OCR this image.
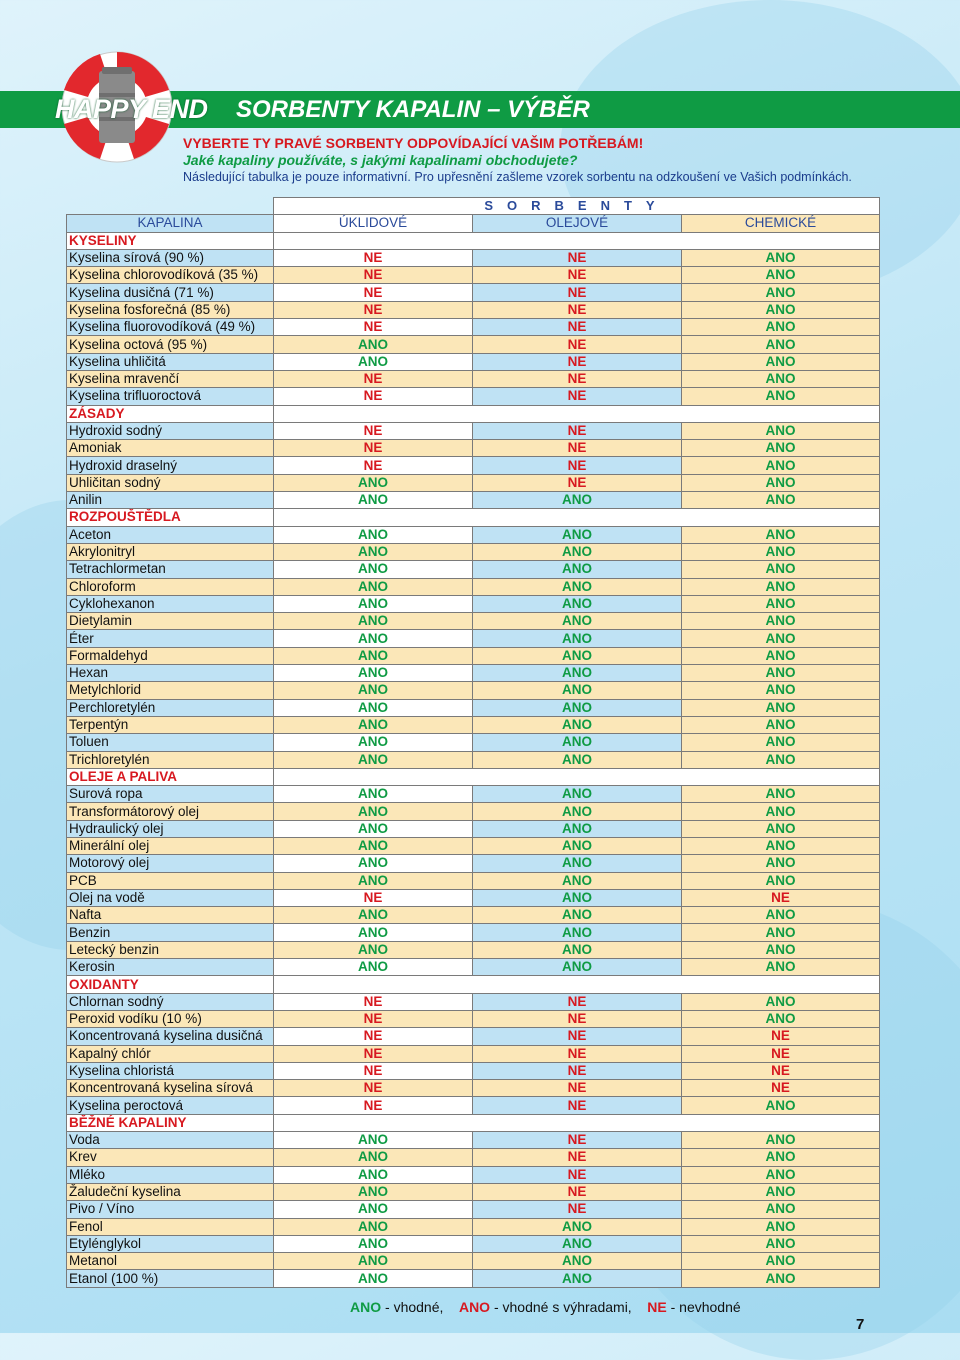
HAPPY END SORBENTY KAPALIN – VÝBĚR
VYBERTE TY PRAVÉ SORBENTY ODPOVÍDAJÍCÍ VAŠIM POTŘEBÁM!
Jaké kapaliny používáte, s jakými kapalinami obchodujete?
Následující tabulka je pouze informativní. Pro upřesnění zašleme vzorek sorbentu na odzkoušení ve Vašich podmínkách.
	SORBENTY		
KAPALINA	ÚKLIDOVÉ	OLEJOVÉ	CHEMICKÉ
KYSELINY			
Kyselina sírová (90 %)	NE	NE	ANO
Kyselina chlorovodíková (35 %)	NE	NE	ANO
Kyselina dusičná (71 %)	NE	NE	ANO
Kyselina fosforečná (85 %)	NE	NE	ANO
Kyselina fluorovodíková (49 %)	NE	NE	ANO
Kyselina octová (95 %)	ANO	NE	ANO
Kyselina uhličitá	ANO	NE	ANO
Kyselina mravenčí	NE	NE	ANO
Kyselina trifluoroctová	NE	NE	ANO
ZÁSADY			
Hydroxid sodný	NE	NE	ANO
Amoniak	NE	NE	ANO
Hydroxid draselný	NE	NE	ANO
Uhličitan sodný	ANO	NE	ANO
Anilin	ANO	ANO	ANO
ROZPOUŠTĚDLA			
Aceton	ANO	ANO	ANO
Akrylonitryl	ANO	ANO	ANO
Tetrachlormetan	ANO	ANO	ANO
Chloroform	ANO	ANO	ANO
Cyklohexanon	ANO	ANO	ANO
Dietylamin	ANO	ANO	ANO
Éter	ANO	ANO	ANO
Formaldehyd	ANO	ANO	ANO
Hexan	ANO	ANO	ANO
Metylchlorid	ANO	ANO	ANO
Perchloretylén	ANO	ANO	ANO
Terpentýn	ANO	ANO	ANO
Toluen	ANO	ANO	ANO
Trichloretylén	ANO	ANO	ANO
OLEJE A PALIVA			
Surová ropa	ANO	ANO	ANO
Transformátorový olej	ANO	ANO	ANO
Hydraulický olej	ANO	ANO	ANO
Minerální olej	ANO	ANO	ANO
Motorový olej	ANO	ANO	ANO
PCB	ANO	ANO	ANO
Olej na vodě	NE	ANO	NE
Nafta	ANO	ANO	ANO
Benzin	ANO	ANO	ANO
Letecký benzin	ANO	ANO	ANO
Kerosin	ANO	ANO	ANO
OXIDANTY			
Chlornan sodný	NE	NE	ANO
Peroxid vodíku (10 %)	NE	NE	ANO
Koncentrovaná kyselina dusičná	NE	NE	NE
Kapalný chlór	NE	NE	NE
Kyselina chloristá	NE	NE	NE
Koncentrovaná kyselina sírová	NE	NE	NE
Kyselina peroctová	NE	NE	ANO
BĚŽNÉ KAPALINY			
Voda	ANO	NE	ANO
Krev	ANO	NE	ANO
Mléko	ANO	NE	ANO
Žaludeční kyselina	ANO	NE	ANO
Pivo / Víno	ANO	NE	ANO
Fenol	ANO	ANO	ANO
Etylénglykol	ANO	ANO	ANO
Metanol	ANO	ANO	ANO
Etanol (100 %)	ANO	ANO	ANO
ANO - vhodné, ANO - vhodné s výhradami, NE - nevhodné
7
